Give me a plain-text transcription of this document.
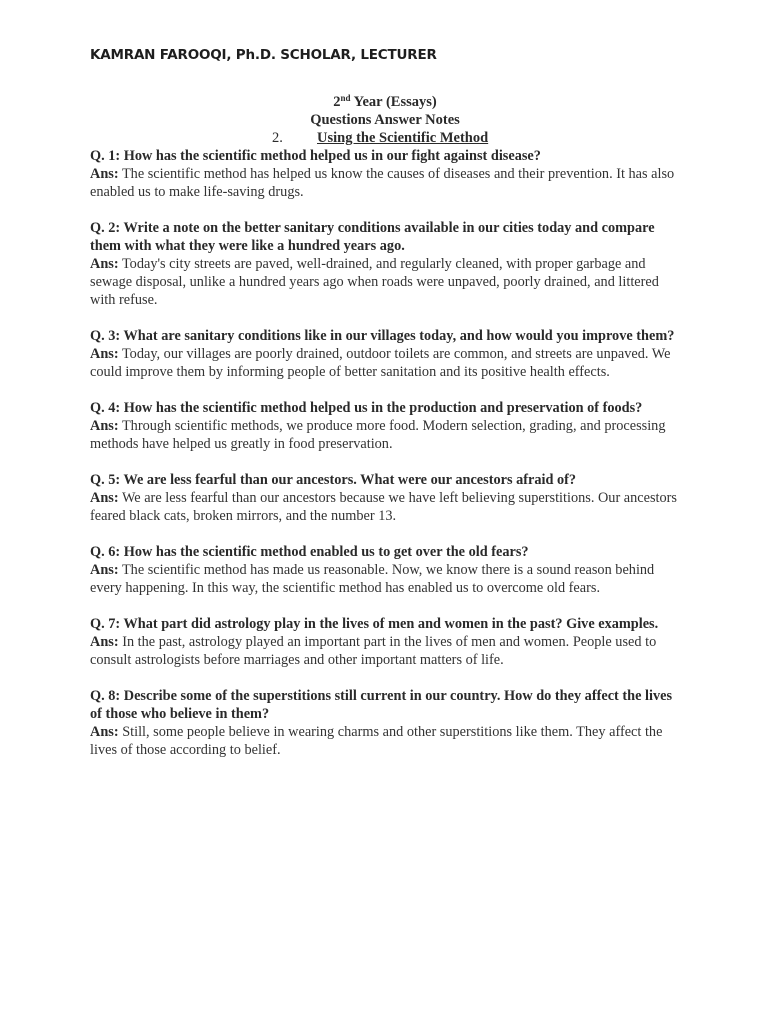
KAMRAN FAROOQI, Ph.D. SCHOLAR, LECTURER
2nd Year (Essays)
Questions Answer Notes
2. Using the Scientific Method
Q. 1: How has the scientific method helped us in our fight against disease?
Ans: The scientific method has helped us know the causes of diseases and their prevention. It has also enabled us to make life-saving drugs.
Q. 2: Write a note on the better sanitary conditions available in our cities today and compare them with what they were like a hundred years ago.
Ans: Today's city streets are paved, well-drained, and regularly cleaned, with proper garbage and sewage disposal, unlike a hundred years ago when roads were unpaved, poorly drained, and littered with refuse.
Q. 3: What are sanitary conditions like in our villages today, and how would you improve them?
Ans: Today, our villages are poorly drained, outdoor toilets are common, and streets are unpaved. We could improve them by informing people of better sanitation and its positive health effects.
Q. 4: How has the scientific method helped us in the production and preservation of foods?
Ans: Through scientific methods, we produce more food. Modern selection, grading, and processing methods have helped us greatly in food preservation.
Q. 5: We are less fearful than our ancestors. What were our ancestors afraid of?
Ans: We are less fearful than our ancestors because we have left believing superstitions. Our ancestors feared black cats, broken mirrors, and the number 13.
Q. 6: How has the scientific method enabled us to get over the old fears?
Ans: The scientific method has made us reasonable. Now, we know there is a sound reason behind every happening. In this way, the scientific method has enabled us to overcome old fears.
Q. 7: What part did astrology play in the lives of men and women in the past? Give examples.
Ans: In the past, astrology played an important part in the lives of men and women. People used to consult astrologists before marriages and other important matters of life.
Q. 8: Describe some of the superstitions still current in our country. How do they affect the lives of those who believe in them?
Ans: Still, some people believe in wearing charms and other superstitions like them. They affect the lives of those according to belief.
